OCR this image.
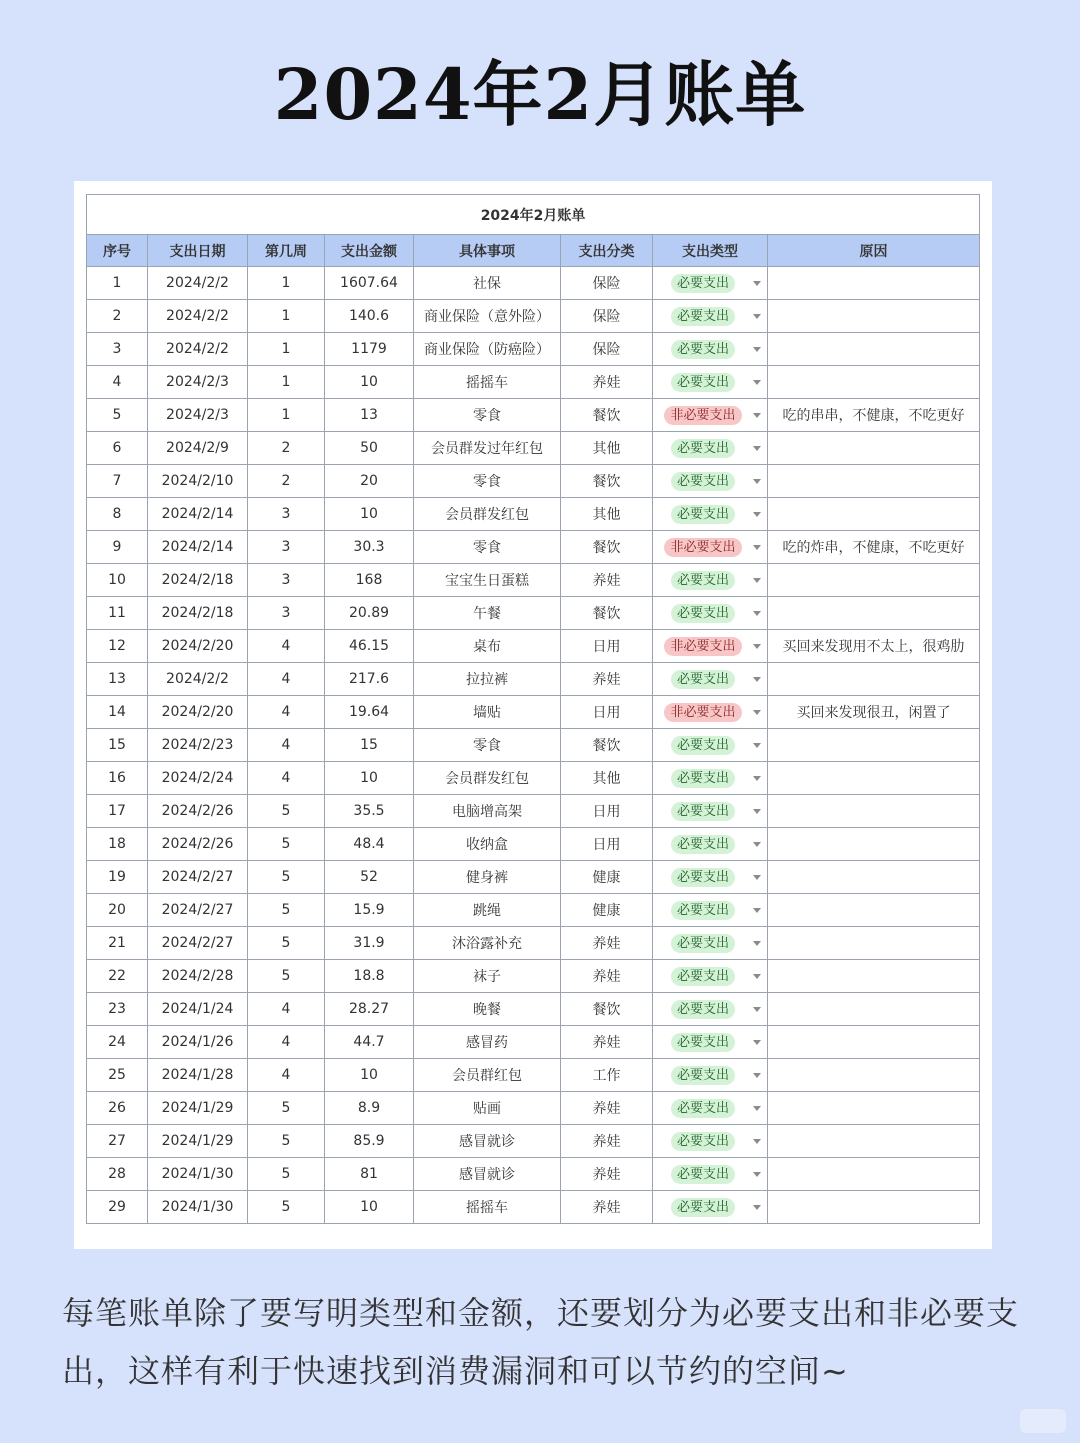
2024年2月账单
2024年2月账单							
序号	支出日期	第几周	支出金额	具体事项	支出分类	支出类型	原因
1	2024/2/2	1	1607.64	社保	保险	必要支出

2	2024/2/2	1	140.6	商业保险（意外险）	保险	必要支出

3	2024/2/2	1	1179	商业保险（防癌险）	保险	必要支出

4	2024/2/3	1	10	摇摇车	养娃	必要支出

5	2024/2/3	1	13	零食	餐饮	非必要支出	吃的串串，不健康，不吃更好
6	2024/2/9	2	50	会员群发过年红包	其他	必要支出

7	2024/2/10	2	20	零食	餐饮	必要支出

8	2024/2/14	3	10	会员群发红包	其他	必要支出

9	2024/2/14	3	30.3	零食	餐饮	非必要支出	吃的炸串，不健康，不吃更好
10	2024/2/18	3	168	宝宝生日蛋糕	养娃	必要支出

11	2024/2/18	3	20.89	午餐	餐饮	必要支出

12	2024/2/20	4	46.15	桌布	日用	非必要支出	买回来发现用不太上，很鸡肋
13	2024/2/2	4	217.6	拉拉裤	养娃	必要支出

14	2024/2/20	4	19.64	墙贴	日用	非必要支出	买回来发现很丑，闲置了
15	2024/2/23	4	15	零食	餐饮	必要支出

16	2024/2/24	4	10	会员群发红包	其他	必要支出

17	2024/2/26	5	35.5	电脑增高架	日用	必要支出

18	2024/2/26	5	48.4	收纳盒	日用	必要支出

19	2024/2/27	5	52	健身裤	健康	必要支出

20	2024/2/27	5	15.9	跳绳	健康	必要支出

21	2024/2/27	5	31.9	沐浴露补充	养娃	必要支出

22	2024/2/28	5	18.8	袜子	养娃	必要支出

23	2024/1/24	4	28.27	晚餐	餐饮	必要支出

24	2024/1/26	4	44.7	感冒药	养娃	必要支出

25	2024/1/28	4	10	会员群红包	工作	必要支出

26	2024/1/29	5	8.9	贴画	养娃	必要支出

27	2024/1/29	5	85.9	感冒就诊	养娃	必要支出

28	2024/1/30	5	81	感冒就诊	养娃	必要支出

29	2024/1/30	5	10	摇摇车	养娃	必要支出

每笔账单除了要写明类型和金额，还要划分为必要支出和非必要支出，这样有利于快速找到消费漏洞和可以节约的空间~
